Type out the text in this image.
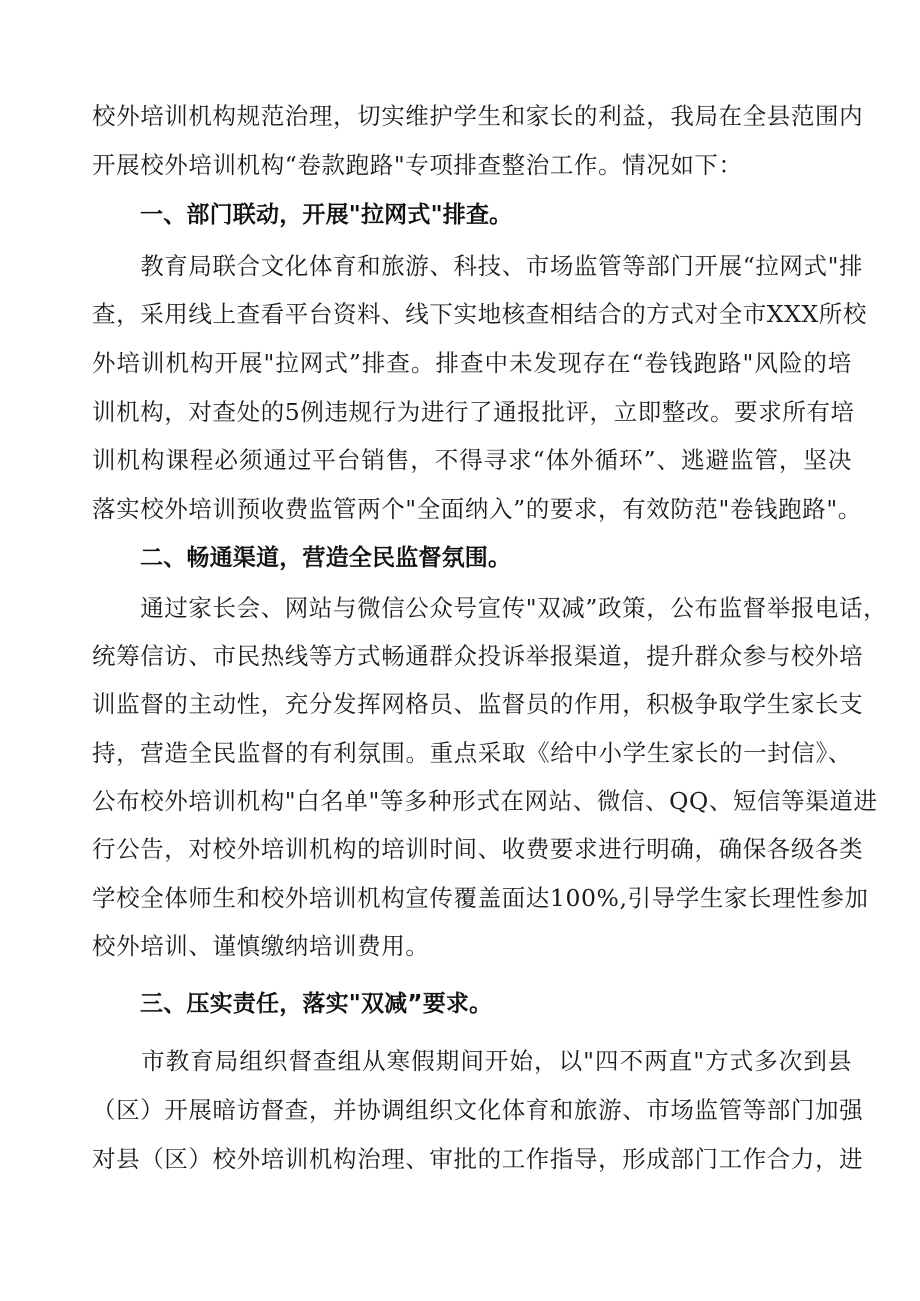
校外培训机构规范治理，切实维护学生和家长的利益，我局在全县范围内
开展校外培训机构“卷款跑路"专项排查整治工作。情况如下：
一、部门联动，开展"拉网式"排查。
　　教育局联合文化体育和旅游、科技、市场监管等部门开展“拉网式"排
查，采用线上查看平台资料、线下实地核查相结合的方式对全市XXX所校
外培训机构开展"拉网式”排查。排查中未发现存在“卷钱跑路"风险的培
训机构，对查处的5例违规行为进行了通报批评，立即整改。要求所有培
训机构课程必须通过平台销售，不得寻求“体外循环”、逃避监管，坚决
落实校外培训预收费监管两个"全面纳入”的要求，有效防范"卷钱跑路"。
二、畅通渠道，营造全民监督氛围。
　　通过家长会、网站与微信公众号宣传"双减”政策，公布监督举报电话，
统筹信访、市民热线等方式畅通群众投诉举报渠道，提升群众参与校外培
训监督的主动性，充分发挥网格员、监督员的作用，积极争取学生家长支
持，营造全民监督的有利氛围。重点采取《给中小学生家长的一封信》、
公布校外培训机构"白名单"等多种形式在网站、微信、QQ、短信等渠道进
行公告，对校外培训机构的培训时间、收费要求进行明确，确保各级各类
学校全体师生和校外培训机构宣传覆盖面达100%,引导学生家长理性参加
校外培训、谨慎缴纳培训费用。
三、压实责任，落实"双减”要求。
　　市教育局组织督查组从寒假期间开始，以"四不两直"方式多次到县
（区）开展暗访督查，并协调组织文化体育和旅游、市场监管等部门加强
对县（区）校外培训机构治理、审批的工作指导，形成部门工作合力，进
